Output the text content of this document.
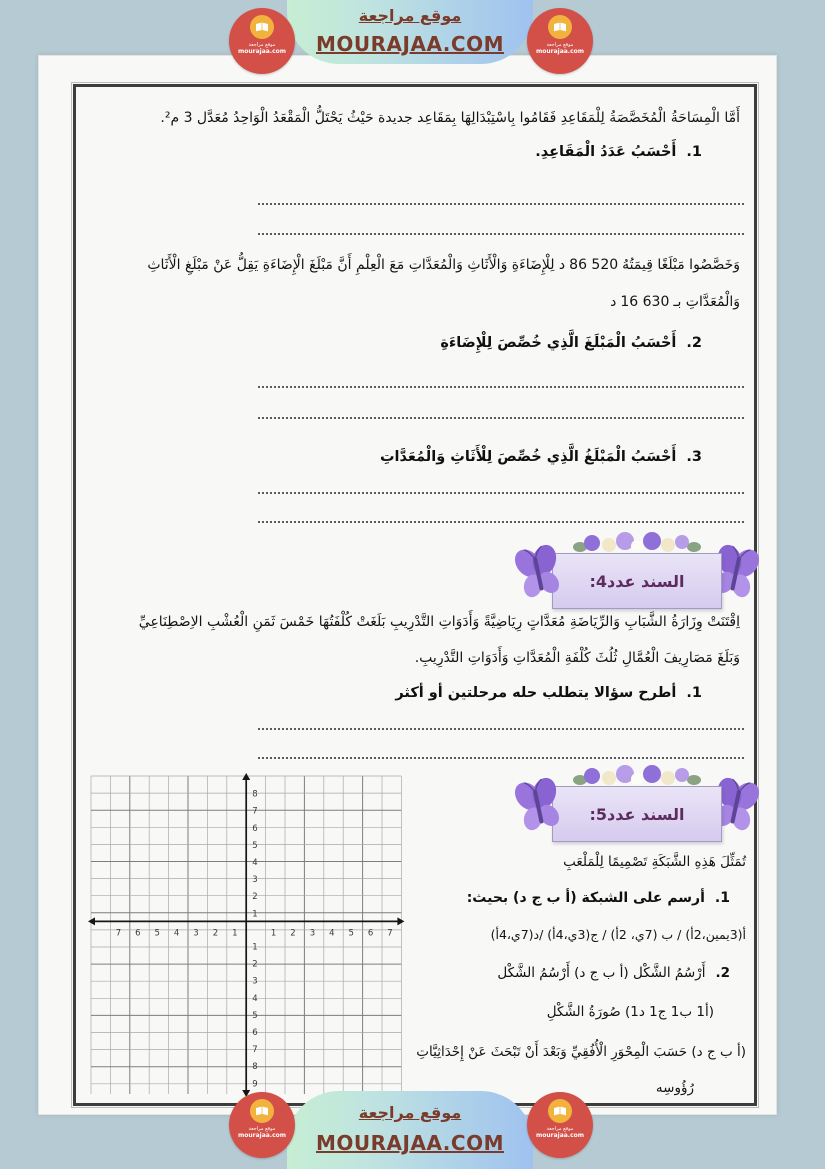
أَمَّا الْمِسَاحَةُ الْمُخَصَّصَةُ لِلْمَقَاعِدِ فَقَامُوا بِاسْتِبْدَالِهَا بِمَقَاعِد جديدة حَيْثُ يَحْتَلُّ الْمَقْعَدُ الْوَاحِدُ مُعَدَّل 3 م².
1.أَحْسَبُ عَدَدُ الْمَقَاعِدِ.
وَخَصَّصُوا مَبْلَغًا قِيمَتُهُ86 520د لِلْإِضَاءَةِ وَالْأَثَاثِ وَالْمُعَدَّاتِ مَعَ الْعِلْمِ أَنَّ مَبْلَغَ الْإِضَاءَةِ يَقِلُّ عَنْ مَبْلَغِ الْأَثَاثِ
وَالْمُعَدَّاتِ بـ16 630د
2.أَحْسَبُ الْمَبْلَغَ الَّذِي خُصِّصَ لِلْإِضَاءَةِ
3.أَحْسَبُ الْمَبْلَغُ الَّذِي خُصِّصَ لِلْأَثَاثِ وَالْمُعَدَّاتِ
السند عدد4:
اِقْتَنَتْ وِزَارَةُ الشَّبَابِ وَالرِّيَاضَةِ مُعَدَّاتٍ رِيَاضِيَّةً وَأَدَوَاتِ التَّدْرِيبِ بَلَغَتْ كُلْفَتُهَا خَمْسَ ثَمَنِ الْعُشْبِ الاِصْطِنَاعِيِّ
وَبَلَغَ مَصَارِيفَ الْعُمَّالِ ثُلُثَ كُلْفَةِ الْمُعَدَّاتِ وَأَدَوَاتِ التَّدْرِيبِ.
1.أطرح سؤالا يتطلب حله مرحلتين أو أكثر
السند عدد5:
8
7
6
5
4
3
2
1
1
2
3
4
5
6
7
8
9
7 6 5 4 3 2 1	1 2 3 4 5 6 7
تُمَثِّلَ هَذِهِ الشَّبَكَةِ تَصْمِيمًا لِلْمَلْعَبِ
1.أرسم على الشبكة (أ ب ج د) بحيث:
أ(3يمين،2أ) / ب (7ي، 2أ) / ج(3ي،4أ) /د(7ي،4أ)
2.أَرْسُمُ الشَّكْل (أ ب ج د) أَرْسُمُ الشَّكْل
(أ1 ب1 ج1 د1) صُورَةُ الشَّكْلِ
(أ ب ج د) حَسَبَ الْمِحْوَرِ الْأُفُقِيِّ وَبَعْدَ أَنْ تَبْحَثَ عَنْ إِحْدَاثِيَّاتِ
رُؤُوسِه
موقع مراجعة
MOURAJAA.COM
موقع مراجعة
mourajaa.com
موقع مراجعة
mourajaa.com
موقع مراجعة
MOURAJAA.COM
موقع مراجعة
mourajaa.com
موقع مراجعة
mourajaa.com
